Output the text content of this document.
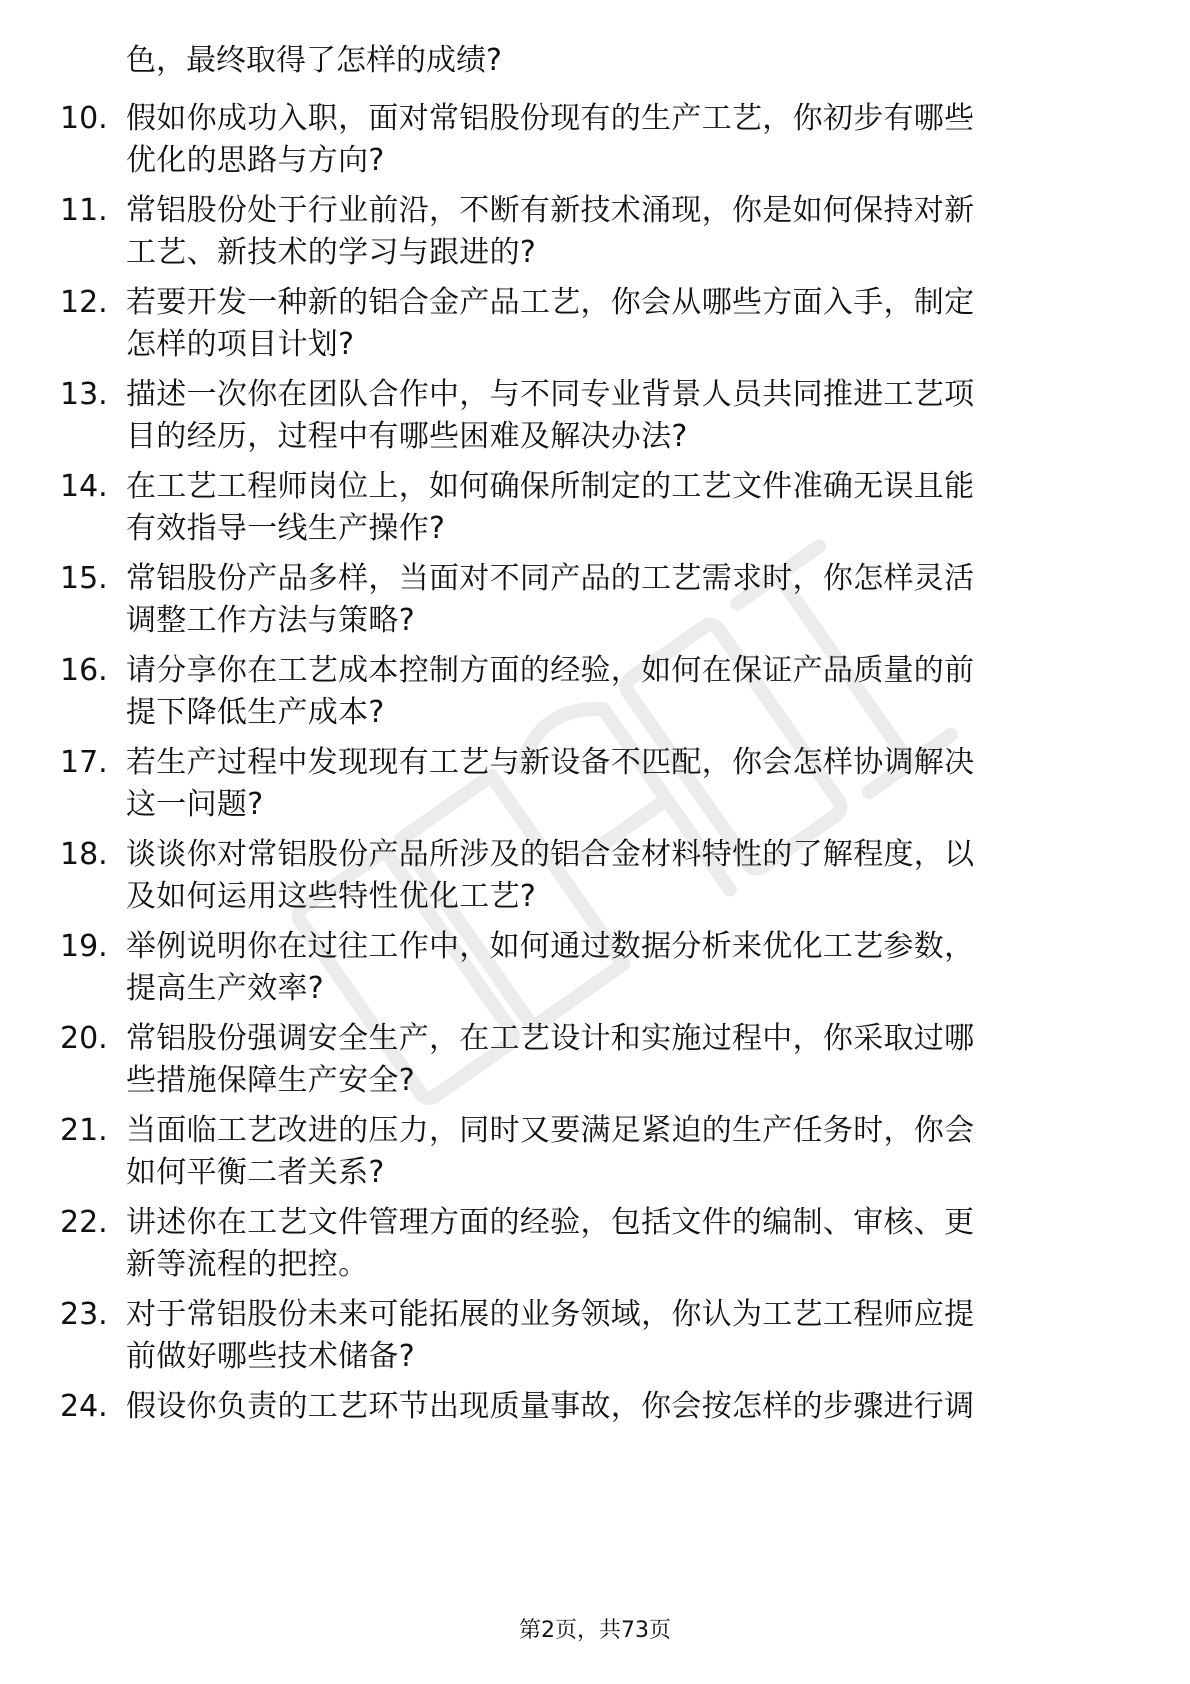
色，最终取得了怎样的成绩?
10. 假如你成功入职，面对常铝股份现有的生产工艺，你初步有哪些
优化的思路与方向?
11. 常铝股份处于行业前沿，不断有新技术涌现，你是如何保持对新
工艺、新技术的学习与跟进的?
12. 若要开发一种新的铝合金产品工艺，你会从哪些方面入手，制定
怎样的项目计划?
13. 描述一次你在团队合作中，与不同专业背景人员共同推进工艺项
目的经历，过程中有哪些困难及解决办法?
14. 在工艺工程师岗位上，如何确保所制定的工艺文件准确无误且能
有效指导一线生产操作?
15. 常铝股份产品多样，当面对不同产品的工艺需求时，你怎样灵活
调整工作方法与策略?
16. 请分享你在工艺成本控制方面的经验，如何在保证产品质量的前
提下降低生产成本?
17. 若生产过程中发现现有工艺与新设备不匹配，你会怎样协调解决
这一问题?
18. 谈谈你对常铝股份产品所涉及的铝合金材料特性的了解程度，以
及如何运用这些特性优化工艺?
19. 举例说明你在过往工作中，如何通过数据分析来优化工艺参数，
提高生产效率?
20. 常铝股份强调安全生产，在工艺设计和实施过程中，你采取过哪
些措施保障生产安全?
21. 当面临工艺改进的压力，同时又要满足紧迫的生产任务时，你会
如何平衡二者关系?
22. 讲述你在工艺文件管理方面的经验，包括文件的编制、审核、更
新等流程的把控。
23. 对于常铝股份未来可能拓展的业务领域，你认为工艺工程师应提
前做好哪些技术储备?
24. 假设你负责的工艺环节出现质量事故，你会按怎样的步骤进行调
第2页，共73页
